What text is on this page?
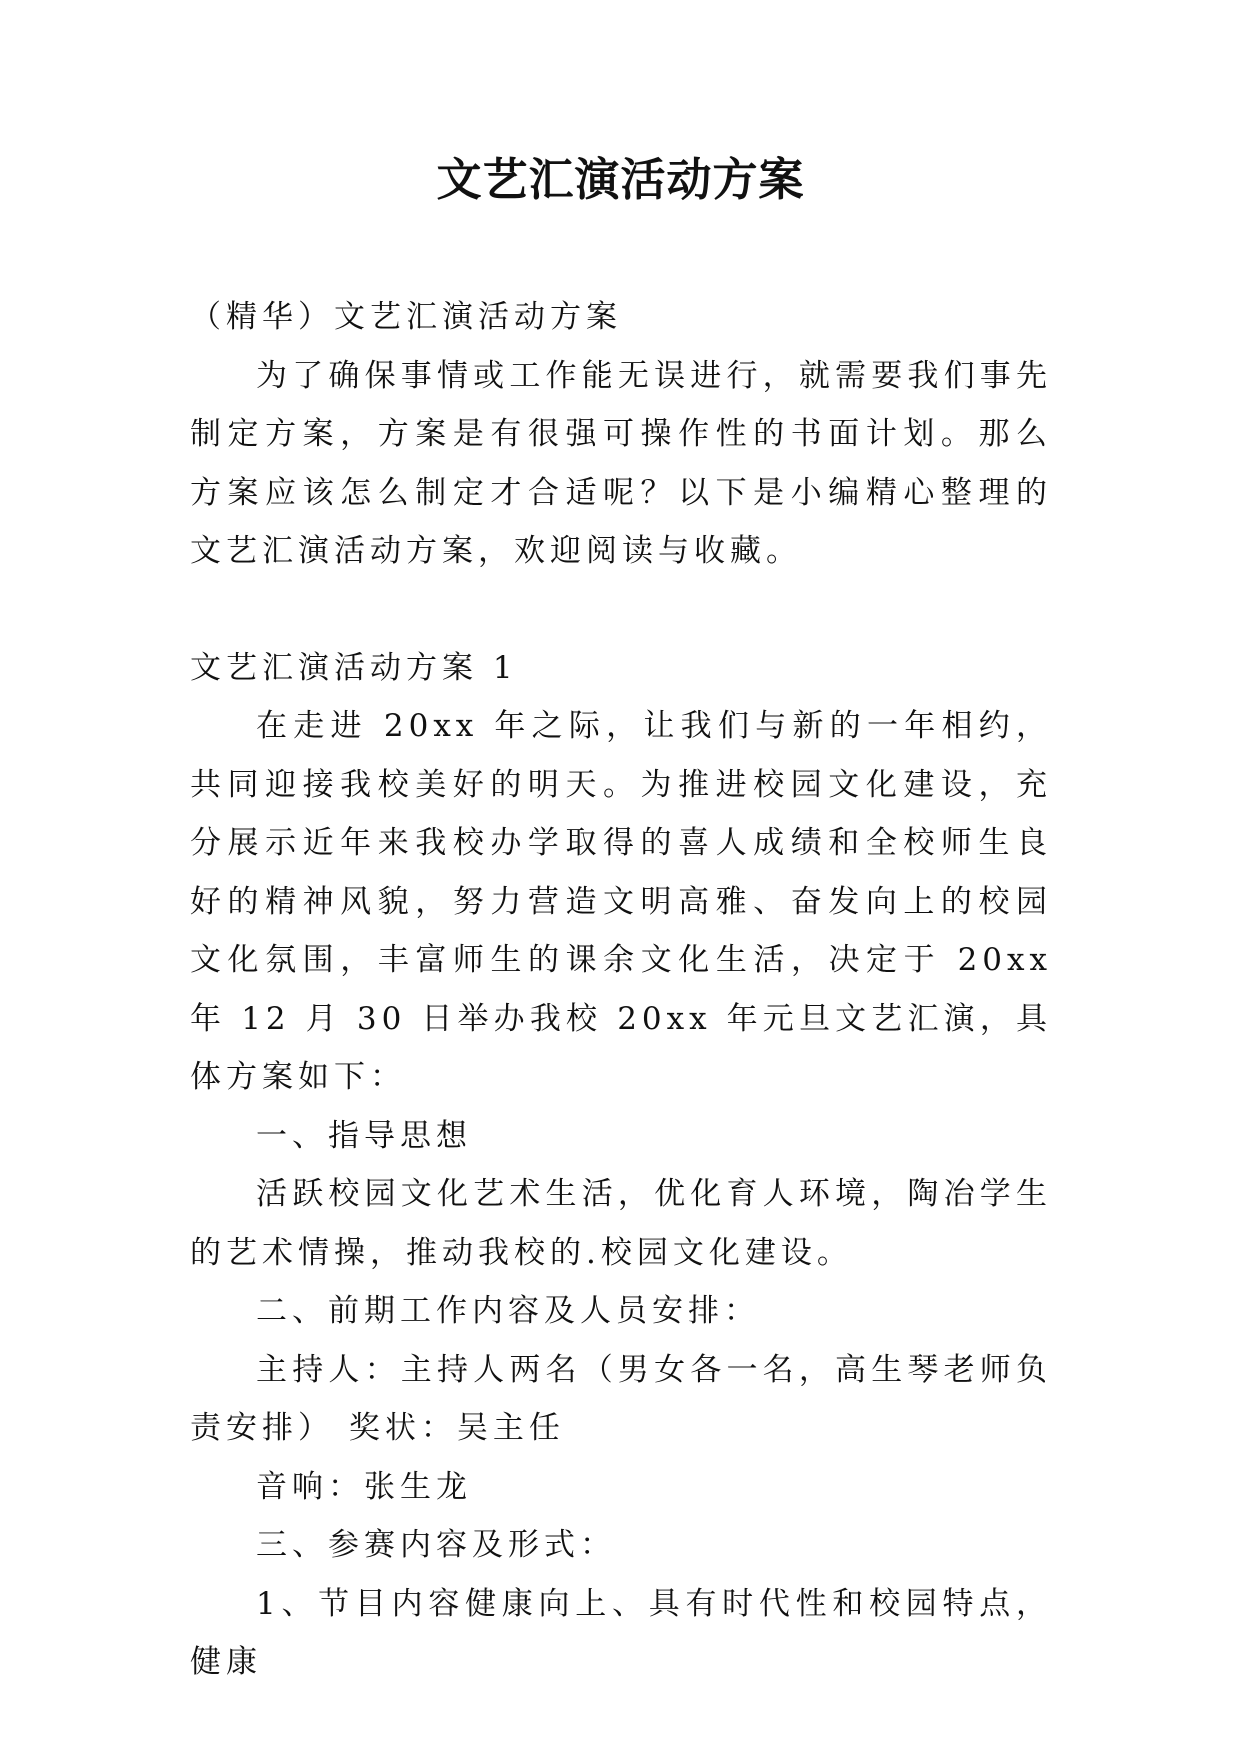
文艺汇演活动方案

（精华）文艺汇演活动方案

为了确保事情或工作能无误进行，就需要我们事先制定方案，方案是有很强可操作性的书面计划。那么方案应该怎么制定才合适呢？以下是小编精心整理的文艺汇演活动方案，欢迎阅读与收藏。

文艺汇演活动方案 1

在走进 20xx 年之际，让我们与新的一年相约，共同迎接我校美好的明天。为推进校园文化建设，充分展示近年来我校办学取得的喜人成绩和全校师生良好的精神风貌，努力营造文明高雅、奋发向上的校园文化氛围，丰富师生的课余文化生活，决定于 20xx 年 12 月 30 日举办我校 20xx 年元旦文艺汇演，具体方案如下：

一、指导思想

活跃校园文化艺术生活，优化育人环境，陶冶学生的艺术情操，推动我校的.校园文化建设。

二、前期工作内容及人员安排：

主持人：主持人两名（男女各一名，高生琴老师负责安排） 奖状：吴主任

音响：张生龙

三、参赛内容及形式：

1、节目内容健康向上、具有时代性和校园特点，健康
